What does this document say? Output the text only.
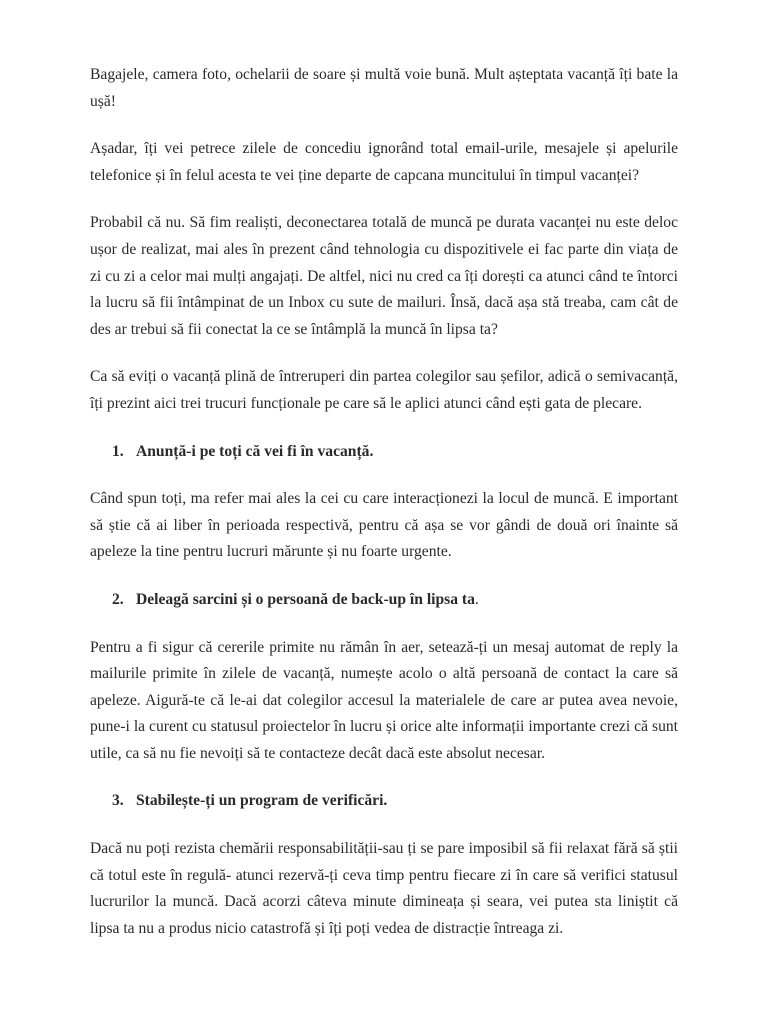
Bagajele, camera foto, ochelarii de soare și multă voie bună. Mult așteptata vacanță îți bate la ușă!

Așadar, îți vei petrece zilele de concediu ignorând total email-urile, mesajele și apelurile telefonice și în felul acesta te vei ține departe de capcana muncitului în timpul vacanței?

Probabil că nu. Să fim realiști, deconectarea totală de muncă pe durata vacanței nu este deloc ușor de realizat, mai ales în prezent când tehnologia cu dispozitivele ei fac parte din viața de zi cu zi a celor mai mulți angajați. De altfel, nici nu cred ca îți dorești ca atunci când te întorci la lucru să fii întâmpinat de un Inbox cu sute de mailuri. Însă, dacă așa stă treaba, cam cât de des ar trebui să fii conectat la ce se întâmplă la muncă în lipsa ta?

Ca să eviți o vacanță plină de întreruperi din partea colegilor sau șefilor, adică o semivacanță, îți prezint aici trei trucuri funcționale pe care să le aplici atunci când ești gata de plecare.

1. Anunță-i pe toți că vei fi în vacanță.

Când spun toți, ma refer mai ales la cei cu care interacționezi la locul de muncă. E important să știe că ai liber în perioada respectivă, pentru că așa se vor gândi de două ori înainte să apeleze la tine pentru lucruri mărunte și nu foarte urgente.

2. Deleagă sarcini și o persoană de back-up în lipsa ta.

Pentru a fi sigur că cererile primite nu rămân în aer, setează-ți un mesaj automat de reply la mailurile primite în zilele de vacanță, numește acolo o altă persoană de contact la care să apeleze. Aigură-te că le-ai dat colegilor accesul la materialele de care ar putea avea nevoie, pune-i la curent cu statusul proiectelor în lucru și orice alte informații importante crezi că sunt utile, ca să nu fie nevoiți să te contacteze decât dacă este absolut necesar.

3. Stabilește-ți un program de verificări.

Dacă nu poți rezista chemării responsabilității-sau ți se pare imposibil să fii relaxat fără să știi că totul este în regulă- atunci rezervă-ți ceva timp pentru fiecare zi în care să verifici statusul lucrurilor la muncă. Dacă acorzi câteva minute dimineața și seara, vei putea sta liniștit că lipsa ta nu a produs nicio catastrofă și îți poți vedea de distracție întreaga zi.
